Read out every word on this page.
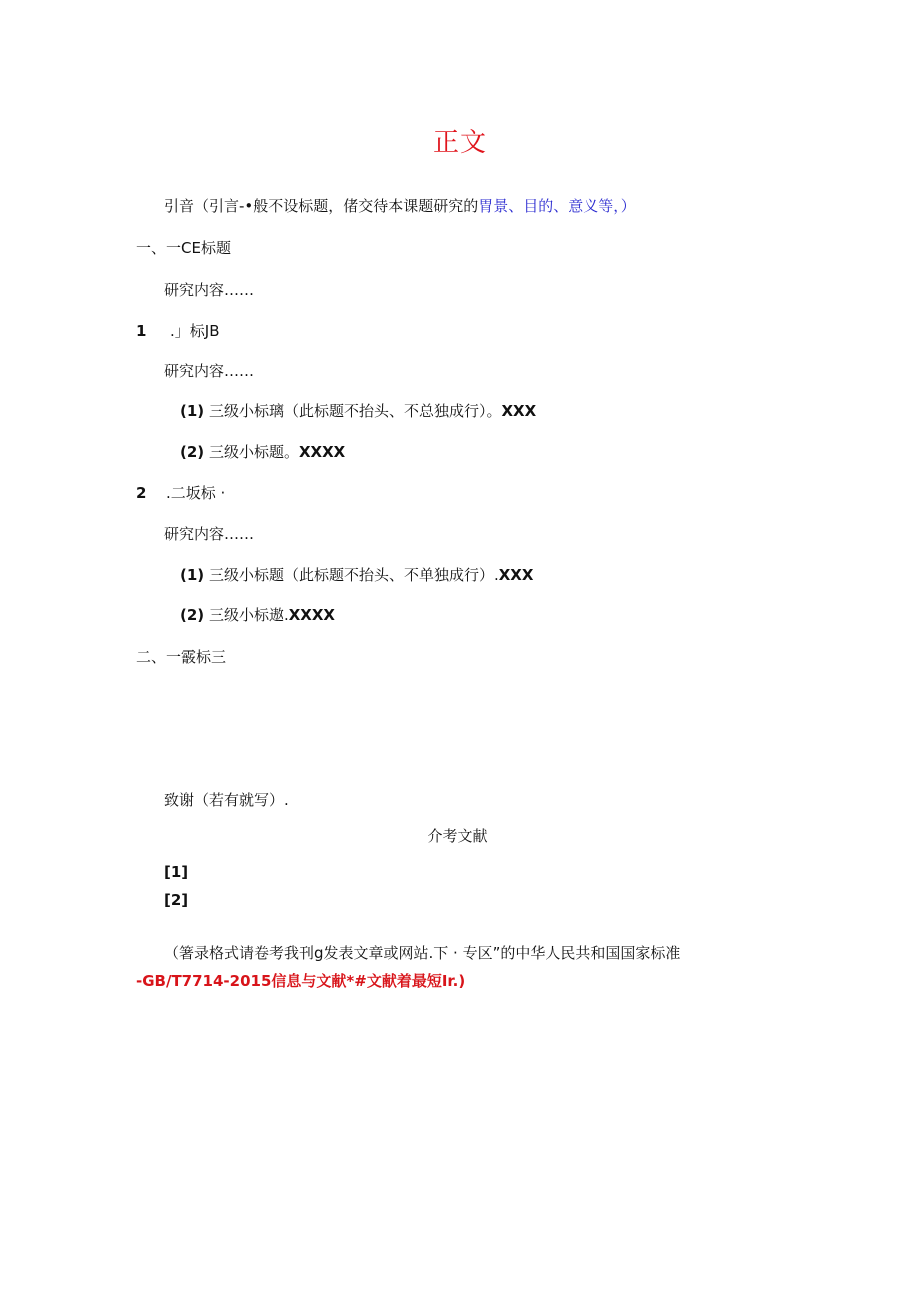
正文
引音（引言-•般不设标题，偖交待本课题研究的胃景、目的、意义等，）
一、一CE标题
研究内容……
1 .」标JB
研究内容……
(1) 三级小标璃（此标题不抬头、不总独成行）。XXX
(2) 三级小标题。XXXX
2 .二坂标 ·
研究内容……
(1) 三级小标题（此标题不抬头、不单独成行）.XXX
(2) 三级小标遨.XXXX
二、一霰标三
致谢（若有就写）.
介考文献
[1]
[2]
（箸录格式请卷考我刊g发表文章或网站.下 · 专区”的中华人民共和国国家标准
-GB/T7714-2015信息与文献*#文献着最短Ir.)
